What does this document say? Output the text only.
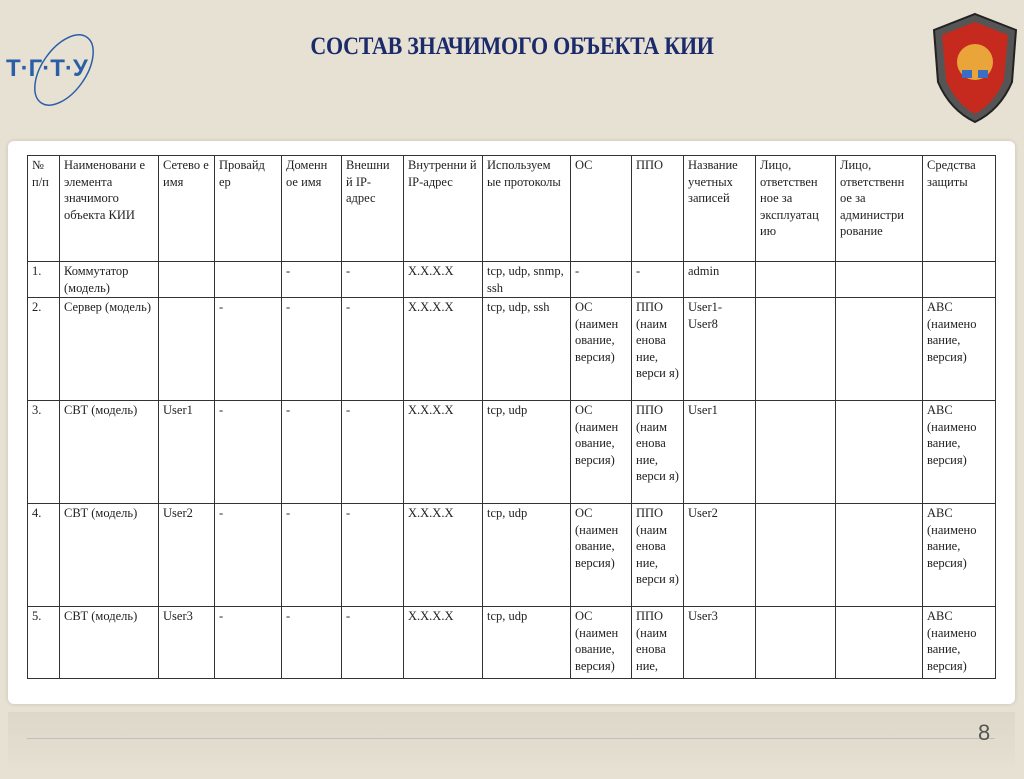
Т·Г·Т·У
СОСТАВ ЗНАЧИМОГО ОБЪЕКТА КИИ
№ п/п	Наименовани е элемента значимого объекта КИИ	Сетево е имя	Провайд ер	Доменн ое имя	Внешни й IP-адрес	Внутренни й IP-адрес	Используем ые протоколы	ОС	ППО	Название учетных записей	Лицо, ответствен ное за эксплуатац ию	Лицо, ответственн ое за администри рование	Средства защиты
1.	Коммутатор (модель)			-	-	X.X.X.X	tcp, udp, snmp, ssh	-	-	admin			
2.	Сервер (модель)		-	-	-	X.X.X.X	tcp, udp, ssh	ОС (наимен ование, версия)	ППО (наим енова ние, верси я)	User1-User8			АВС (наимено вание, версия)
3.	СВТ (модель)	User1	-	-	-	X.X.X.X	tcp, udp	ОС (наимен ование, версия)	ППО (наим енова ние, верси я)	User1			АВС (наимено вание, версия)
4.	СВТ (модель)	User2	-	-	-	X.X.X.X	tcp, udp	ОС (наимен ование, версия)	ППО (наим енова ние, верси я)	User2			АВС (наимено вание, версия)
5.	СВТ (модель)	User3	-	-	-	X.X.X.X	tcp, udp	ОС (наимен ование, версия)	ППО (наим енова ние,	User3			АВС (наимено вание, версия)
8
